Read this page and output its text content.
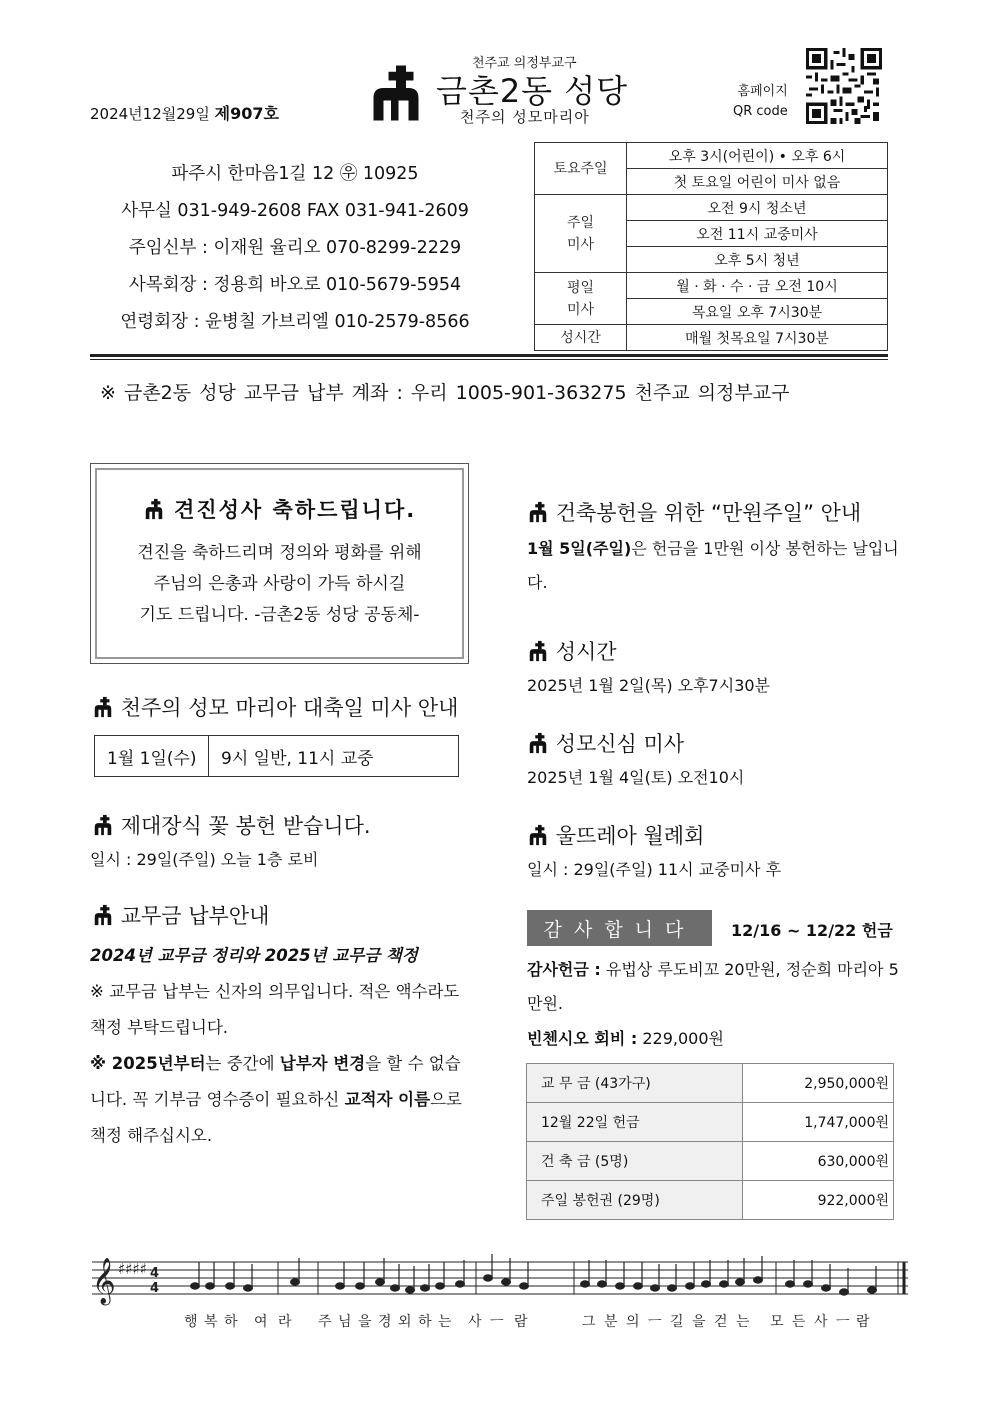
2024년12월29일 제907호
천주교 의정부교구
금촌2동 성당
천주의 성모마리아
홈페이지
QR code
파주시 한마음1길 12 ㉾ 10925
사무실 031-949-2608 FAX 031-941-2609
주임신부 : 이재원 율리오 070-8299-2229
사목회장 : 정용희 바오로 010-5679-5954
연령회장 : 윤병칠 가브리엘 010-2579-8566
토요주일	오후 3시(어린이) • 오후 6시
	첫 토요일 어린이 미사 없음

주일
미사	오전 9시 청소년
	오전 11시 교중미사
	오후 5시 청년

평일
미사	월 · 화 · 수 · 금 오전 10시
	목요일 오후 7시30분
성시간	매월 첫목요일 7시30분
※ 금촌2동 성당 교무금 납부 계좌 : 우리 1005-901-363275 천주교 의정부교구
견진성사 축하드립니다.
견진을 축하드리며 정의와 평화를 위해
주님의 은총과 사랑이 가득 하시길
기도 드립니다. -금촌2동 성당 공동체-
천주의 성모 마리아 대축일 미사 안내
1월 1일(수)	9시 일반, 11시 교중
제대장식 꽃 봉헌 받습니다.
일시 : 29일(주일) 오늘 1층 로비
교무금 납부안내
2024년 교무금 정리와 2025년 교무금 책정
※ 교무금 납부는 신자의 의무입니다. 적은 액수라도 책정 부탁드립니다.
※ 2025년부터는 중간에 납부자 변경을 할 수 없습니다. 꼭 기부금 영수증이 필요하신 교적자 이름으로 책정 해주십시오.
건축봉헌을 위한 “만원주일” 안내
1월 5일(주일)은 헌금을 1만원 이상 봉헌하는 날입니다.
성시간
2025년 1월 2일(목) 오후7시30분
성모신심 미사
2025년 1월 4일(토) 오전10시
울뜨레아 월례회
일시 : 29일(주일) 11시 교중미사 후
감사합니다	12/16 ~ 12/22 헌금
감사헌금 : 유법상 루도비꼬 20만원, 정순희 마리아 5만원.
빈첸시오 회비 : 229,000원
교 무 금 (43가구)	2,950,000원
12월 22일 헌금	1,747,000원
건 축 금 (5명)	630,000원
주일 봉헌권 (29명)	922,000원
𝄞 ♯♯♯♯ 4
4
행 복 하 여 라 주 님 을 경 외 하 는 사 ㅡ 람	그 분 의 ㅡ 길 을 걷 는 모 든 사 ㅡ 람
